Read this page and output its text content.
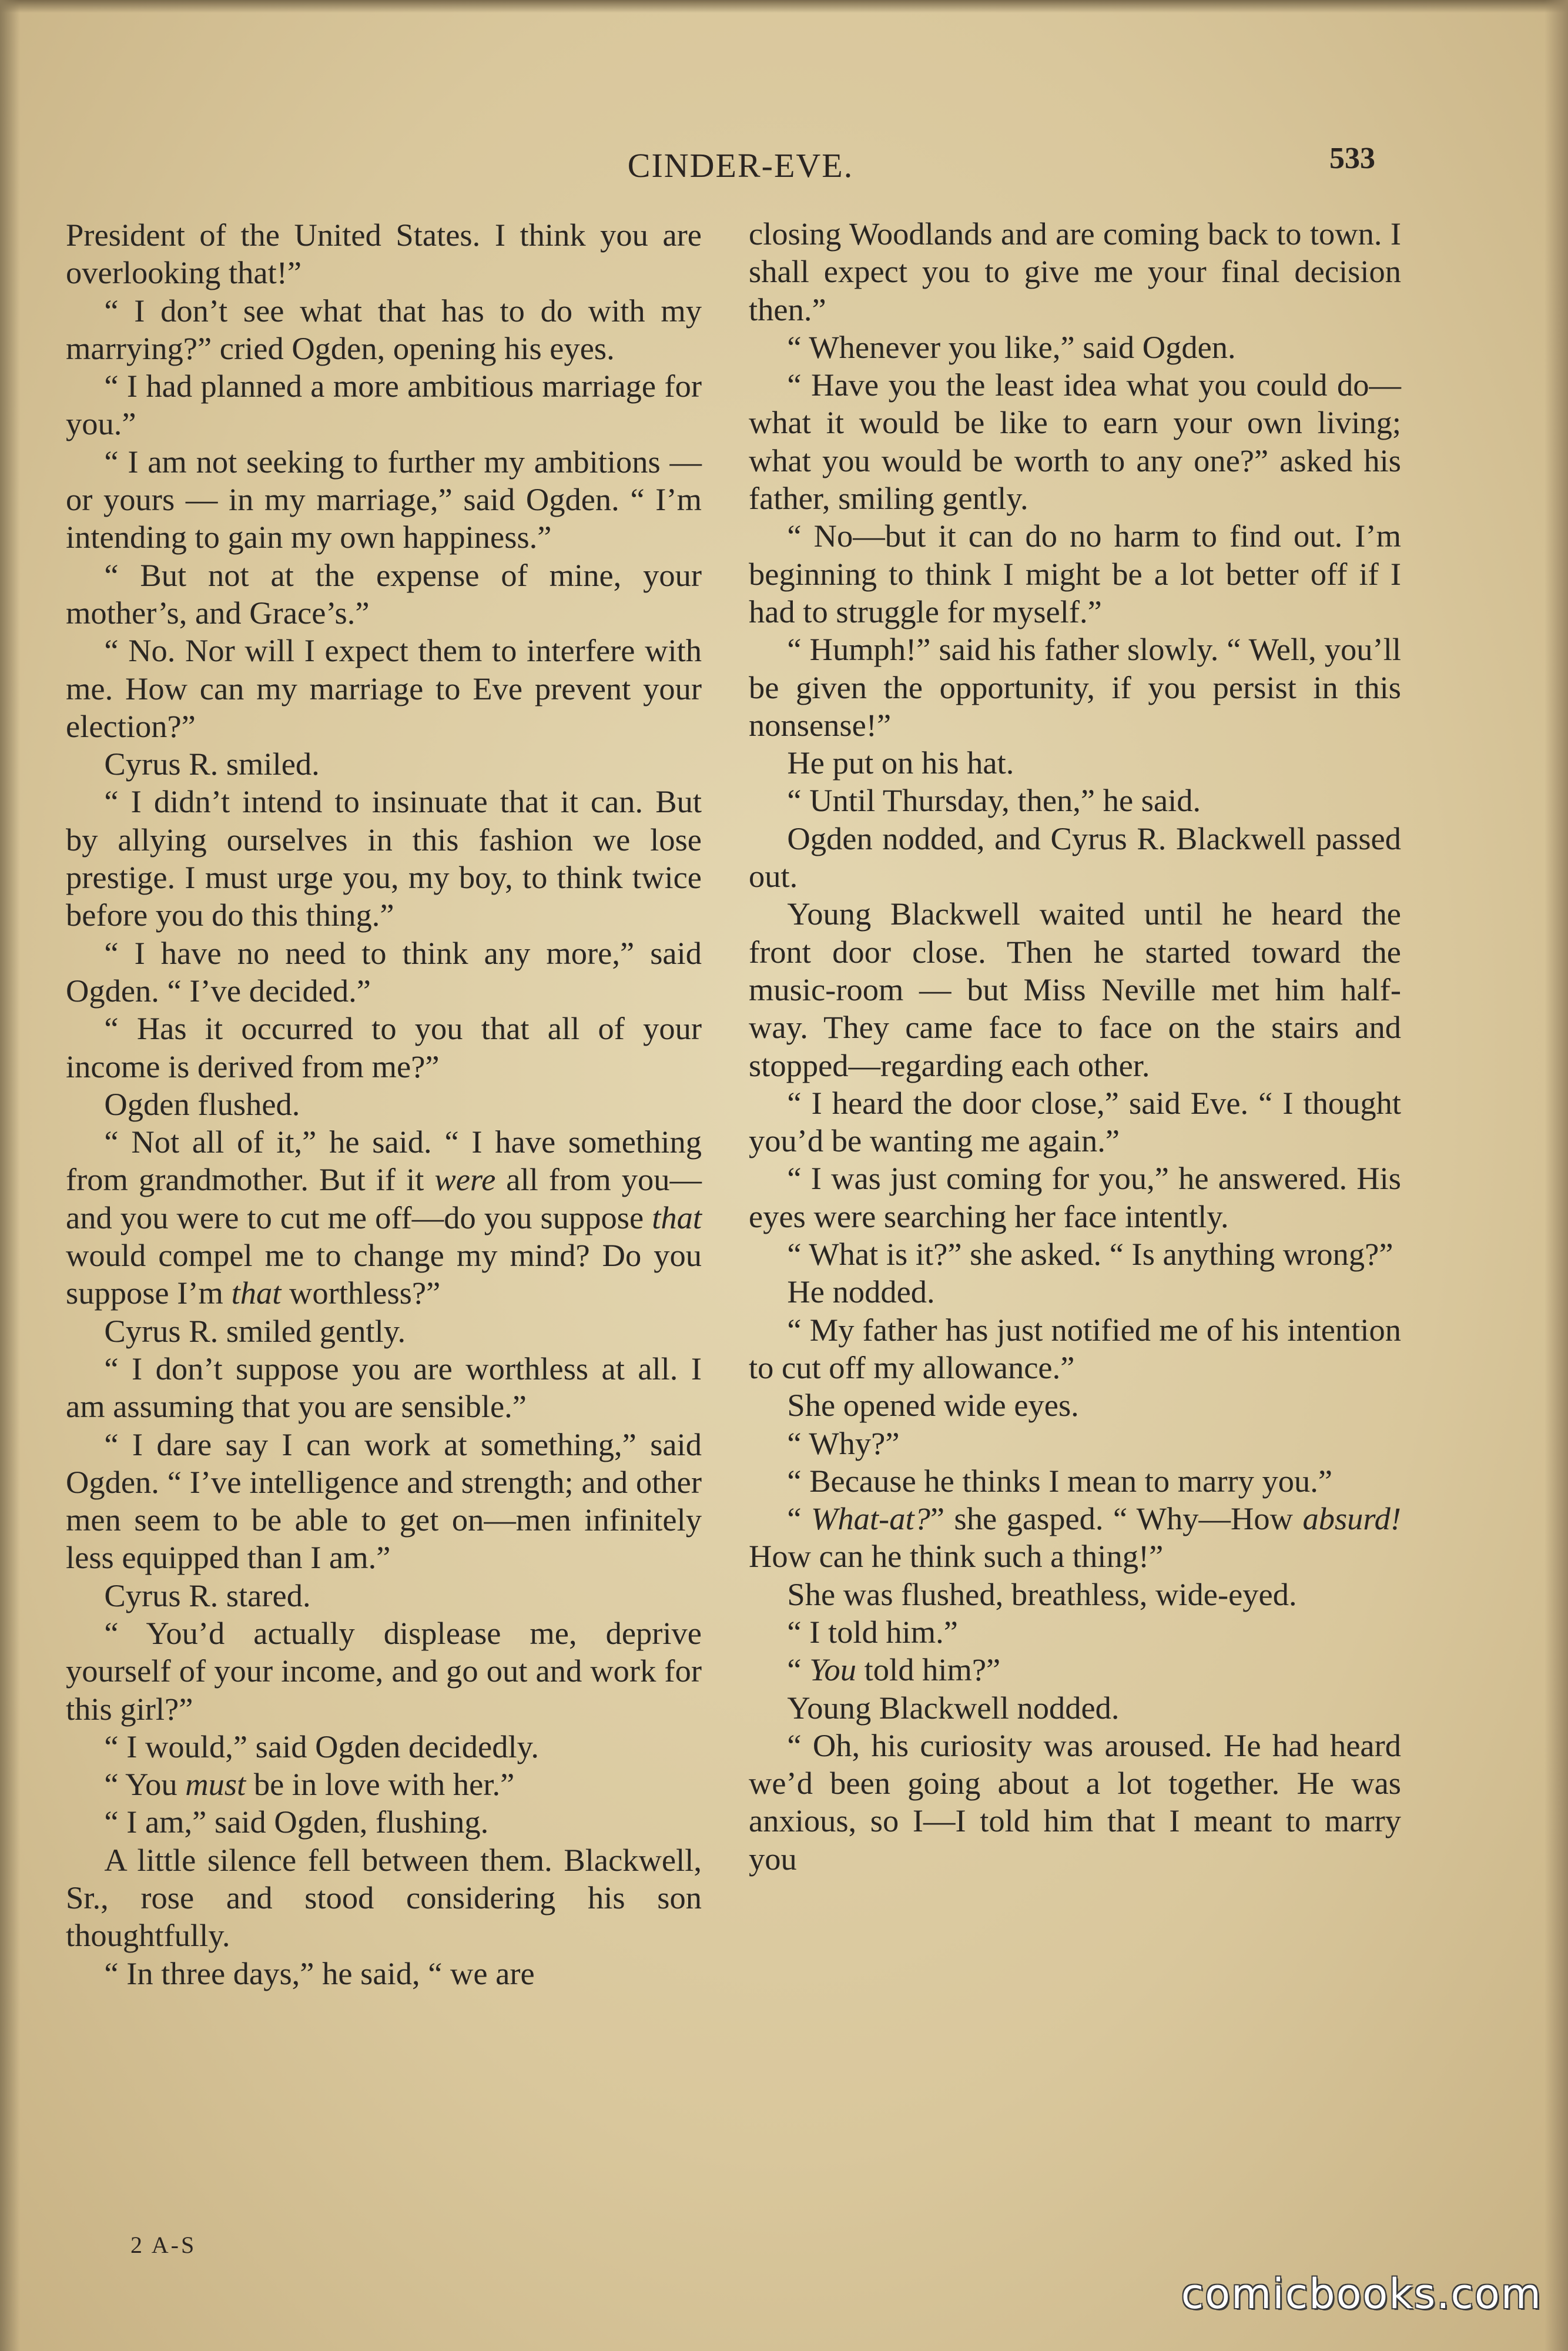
CINDER-EVE.	533

President of the United States. I think you are overlooking that!”

“ I don’t see what that has to do with my marrying?” cried Ogden, opening his eyes.

“ I had planned a more ambitious marriage for you.”

“ I am not seeking to further my ambitions — or yours — in my marriage,” said Ogden. “ I’m intending to gain my own happiness.”

“ But not at the expense of mine, your mother’s, and Grace’s.”

“ No. Nor will I expect them to interfere with me. How can my marriage to Eve prevent your election?”

Cyrus R. smiled.

“ I didn’t intend to insinuate that it can. But by allying ourselves in this fashion we lose prestige. I must urge you, my boy, to think twice before you do this thing.”

“ I have no need to think any more,” said Ogden. “ I’ve decided.”

“ Has it occurred to you that all of your income is derived from me?”

Ogden flushed.

“ Not all of it,” he said. “ I have something from grandmother. But if it were all from you—and you were to cut me off—do you suppose that would compel me to change my mind? Do you suppose I’m that worthless?”

Cyrus R. smiled gently.

“ I don’t suppose you are worthless at all. I am assuming that you are sensible.”

“ I dare say I can work at something,” said Ogden. “ I’ve intelligence and strength; and other men seem to be able to get on—men infinitely less equipped than I am.”

Cyrus R. stared.

“ You’d actually displease me, deprive yourself of your income, and go out and work for this girl?”

“ I would,” said Ogden decidedly.

“ You must be in love with her.”

“ I am,” said Ogden, flushing.

A little silence fell between them. Blackwell, Sr., rose and stood considering his son thoughtfully.

“ In three days,” he said, “ we are

closing Woodlands and are coming back to town. I shall expect you to give me your final decision then.”

“ Whenever you like,” said Ogden.

“ Have you the least idea what you could do—what it would be like to earn your own living; what you would be worth to any one?” asked his father, smiling gently.

“ No—but it can do no harm to find out. I’m beginning to think I might be a lot better off if I had to struggle for myself.”

“ Humph!” said his father slowly. “ Well, you’ll be given the opportunity, if you persist in this nonsense!”

He put on his hat.

“ Until Thursday, then,” he said.

Ogden nodded, and Cyrus R. Blackwell passed out.

Young Blackwell waited until he heard the front door close. Then he started toward the music-room — but Miss Neville met him half-way. They came face to face on the stairs and stopped—regarding each other.

“ I heard the door close,” said Eve. “ I thought you’d be wanting me again.”

“ I was just coming for you,” he answered. His eyes were searching her face intently.

“ What is it?” she asked. “ Is anything wrong?”

He nodded.

“ My father has just notified me of his intention to cut off my allowance.”

She opened wide eyes.

“ Why?”

“ Because he thinks I mean to marry you.”

“ What-at?” she gasped. “ Why—How absurd! How can he think such a thing!”

She was flushed, breathless, wide-eyed.

“ I told him.”

“ You told him?”

Young Blackwell nodded.

“ Oh, his curiosity was aroused. He had heard we’d been going about a lot together. He was anxious, so I—I told him that I meant to marry you

2 A-S
comicbooks.com
